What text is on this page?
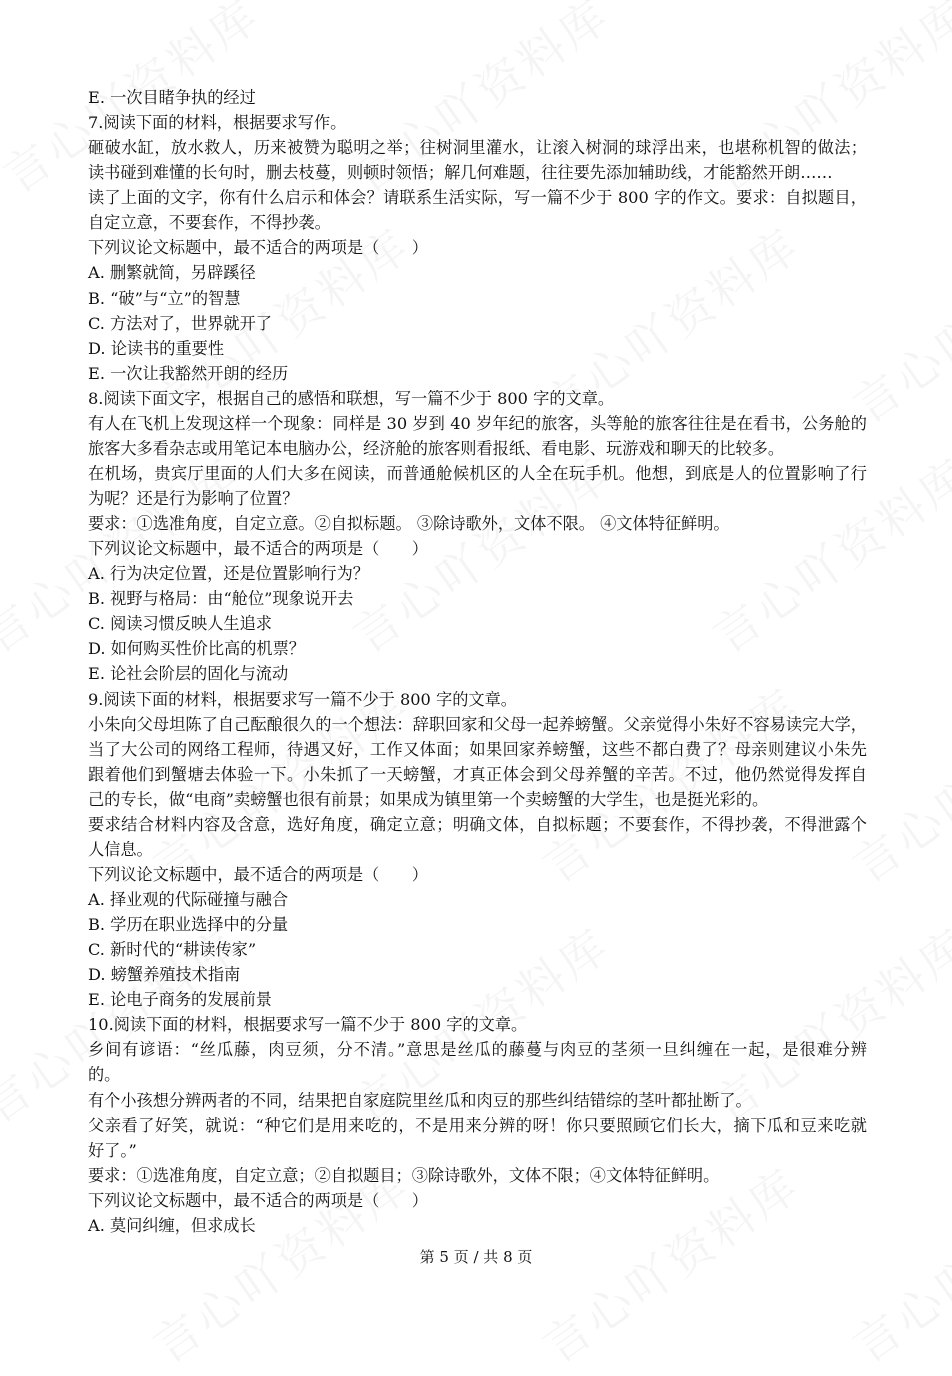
E. 一次目睹争执的经过
7.阅读下面的材料，根据要求写作。
砸破水缸，放水救人，历来被赞为聪明之举；往树洞里灌水，让滚入树洞的球浮出来，也堪称机智的做法；
读书碰到难懂的长句时，删去枝蔓，则顿时领悟；解几何难题，往往要先添加辅助线，才能豁然开朗……
读了上面的文字，你有什么启示和体会？请联系生活实际，写一篇不少于 800 字的作文。要求：自拟题目，
自定立意，不要套作，不得抄袭。
下列议论文标题中，最不适合的两项是（　　）
A. 删繁就简，另辟蹊径
B. “破”与“立”的智慧
C. 方法对了，世界就开了
D. 论读书的重要性
E. 一次让我豁然开朗的经历
8.阅读下面文字，根据自己的感悟和联想，写一篇不少于 800 字的文章。
有人在飞机上发现这样一个现象：同样是 30 岁到 40 岁年纪的旅客，头等舱的旅客往往是在看书，公务舱的
旅客大多看杂志或用笔记本电脑办公，经济舱的旅客则看报纸、看电影、玩游戏和聊天的比较多。
在机场，贵宾厅里面的人们大多在阅读，而普通舱候机区的人全在玩手机。他想，到底是人的位置影响了行
为呢？还是行为影响了位置？
要求：①选准角度，自定立意。②自拟标题。 ③除诗歌外，文体不限。 ④文体特征鲜明。
下列议论文标题中，最不适合的两项是（　　）
A. 行为决定位置，还是位置影响行为？
B. 视野与格局：由“舱位”现象说开去
C. 阅读习惯反映人生追求
D. 如何购买性价比高的机票？
E. 论社会阶层的固化与流动
9.阅读下面的材料，根据要求写一篇不少于 800 字的文章。
小朱向父母坦陈了自己酝酿很久的一个想法：辞职回家和父母一起养螃蟹。父亲觉得小朱好不容易读完大学，
当了大公司的网络工程师，待遇又好，工作又体面；如果回家养螃蟹，这些不都白费了？母亲则建议小朱先
跟着他们到蟹塘去体验一下。小朱抓了一天螃蟹，才真正体会到父母养蟹的辛苦。不过，他仍然觉得发挥自
己的专长，做“电商”卖螃蟹也很有前景；如果成为镇里第一个卖螃蟹的大学生，也是挺光彩的。
要求结合材料内容及含意，选好角度，确定立意；明确文体，自拟标题；不要套作，不得抄袭，不得泄露个
人信息。
下列议论文标题中，最不适合的两项是（　　）
A. 择业观的代际碰撞与融合
B. 学历在职业选择中的分量
C. 新时代的“耕读传家”
D. 螃蟹养殖技术指南
E. 论电子商务的发展前景
10.阅读下面的材料，根据要求写一篇不少于 800 字的文章。
乡间有谚语：“丝瓜藤，肉豆须，分不清。”意思是丝瓜的藤蔓与肉豆的茎须一旦纠缠在一起，是很难分辨
的。
有个小孩想分辨两者的不同，结果把自家庭院里丝瓜和肉豆的那些纠结错综的茎叶都扯断了。
父亲看了好笑，就说：“种它们是用来吃的，不是用来分辨的呀！你只要照顾它们长大，摘下瓜和豆来吃就
好了。”
要求：①选准角度，自定立意；②自拟题目；③除诗歌外，文体不限；④文体特征鲜明。
下列议论文标题中，最不适合的两项是（　　）
A. 莫问纠缠，但求成长
第 5 页 / 共 8 页
